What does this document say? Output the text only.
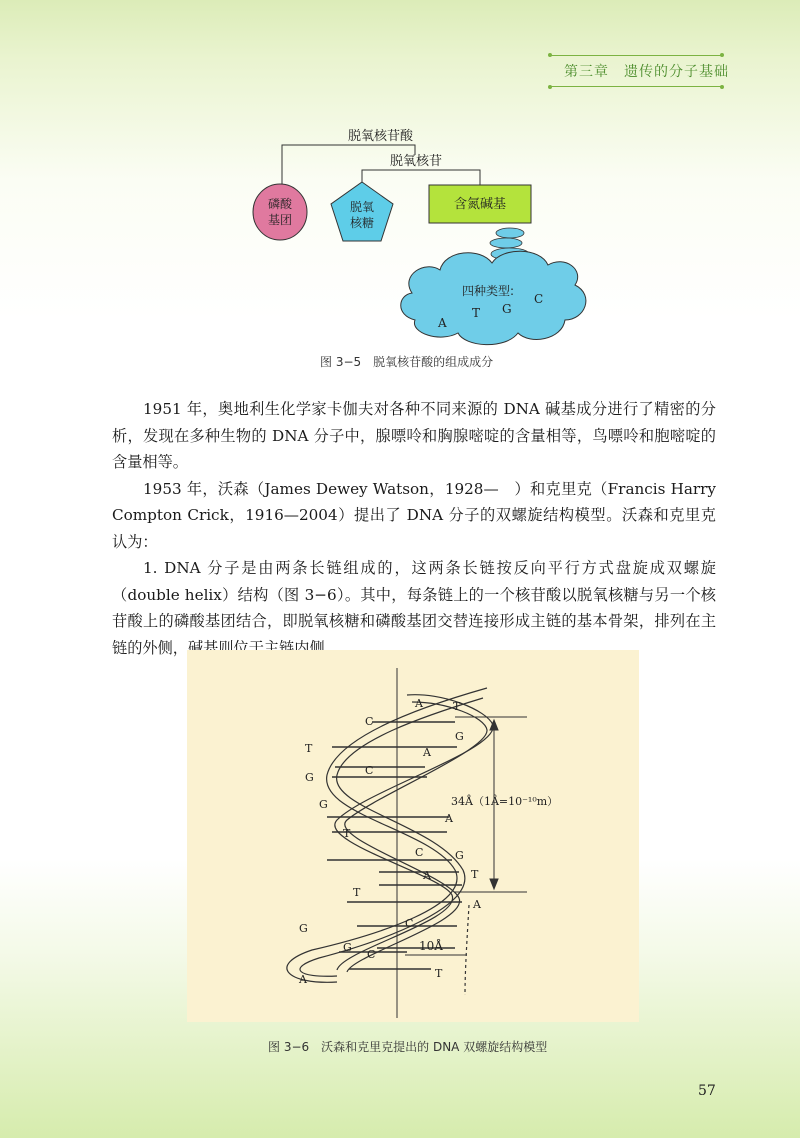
第三章　 遗传的分子基础
脱氧核苷酸
脱氧核苷
磷酸
基团
脱氧
核糖
含氮碱基
四种类型:
A
T G
C
图 3−5　脱氧核苷酸的组成成分

1951 年，奥地利生化学家卡伽夫对各种不同来源的 DNA 碱基成分进行了精密的分析，发现在多种生物的 DNA 分子中，腺嘌呤和胸腺嘧啶的含量相等，鸟嘌呤和胞嘧啶的含量相等。

1953 年，沃森（James Dewey Watson，1928—　）和克里克（Francis Harry Compton Crick，1916—2004）提出了 DNA 分子的双螺旋结构模型。沃森和克里克认为：

1. DNA 分子是由两条长链组成的，这两条长链按反向平行方式盘旋成双螺旋（double helix）结构（图 3−6）。其中，每条链上的一个核苷酸以脱氧核糖与另一个核苷酸上的磷酸基团结合，即脱氧核糖和磷酸基团交替连接形成主链的基本骨架，排列在主链的外侧，碱基则位于主链内侧。

34Å（1Å=10⁻¹⁰m）
10Å
A	T
C
G
T	A
G
C
G
A
T
C	G
A	T
T
A
G	C
G
C
A	T
图 3−6　沃森和克里克提出的 DNA 双螺旋结构模型
57
